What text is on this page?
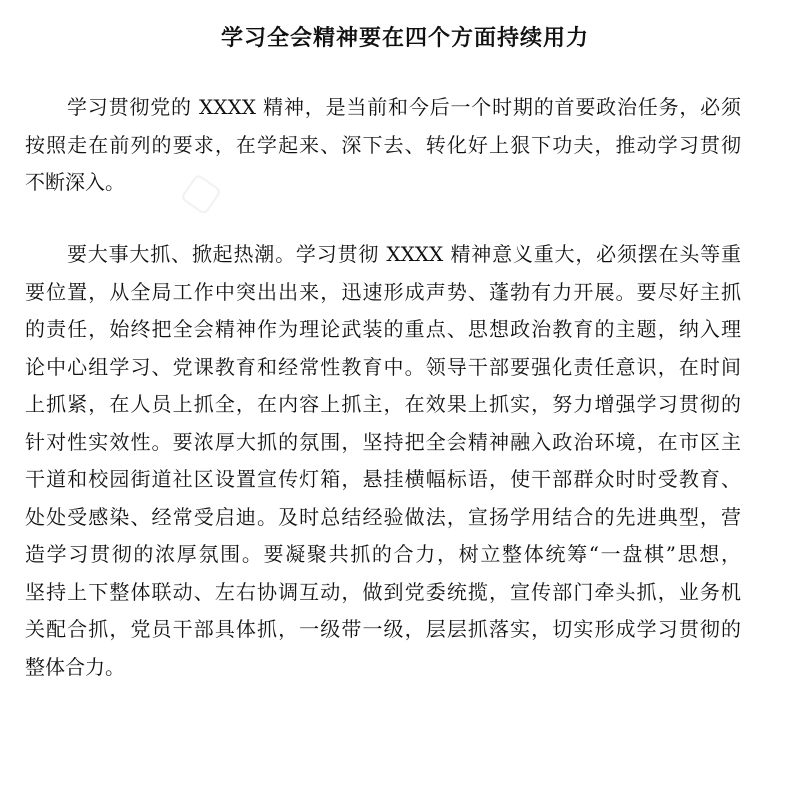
▢
学习全会精神要在四个方面持续用力
学习贯彻党的 XXXX 精神，是当前和今后一个时期的首要政治任务，必须
按照走在前列的要求，在学起来、深下去、转化好上狠下功夫，推动学习贯彻
不断深入。
要大事大抓、掀起热潮。学习贯彻 XXXX 精神意义重大，必须摆在头等重
要位置，从全局工作中突出出来，迅速形成声势、蓬勃有力开展。要尽好主抓
的责任，始终把全会精神作为理论武装的重点、思想政治教育的主题，纳入理
论中心组学习、党课教育和经常性教育中。领导干部要强化责任意识，在时间
上抓紧，在人员上抓全，在内容上抓主，在效果上抓实，努力增强学习贯彻的
针对性实效性。要浓厚大抓的氛围，坚持把全会精神融入政治环境，在市区主
干道和校园街道社区设置宣传灯箱，悬挂横幅标语，使干部群众时时受教育、
处处受感染、经常受启迪。及时总结经验做法，宣扬学用结合的先进典型，营
造学习贯彻的浓厚氛围。要凝聚共抓的合力，树立整体统筹“一盘棋”思想，
坚持上下整体联动、左右协调互动，做到党委统揽，宣传部门牵头抓，业务机
关配合抓，党员干部具体抓，一级带一级，层层抓落实，切实形成学习贯彻的
整体合力。
